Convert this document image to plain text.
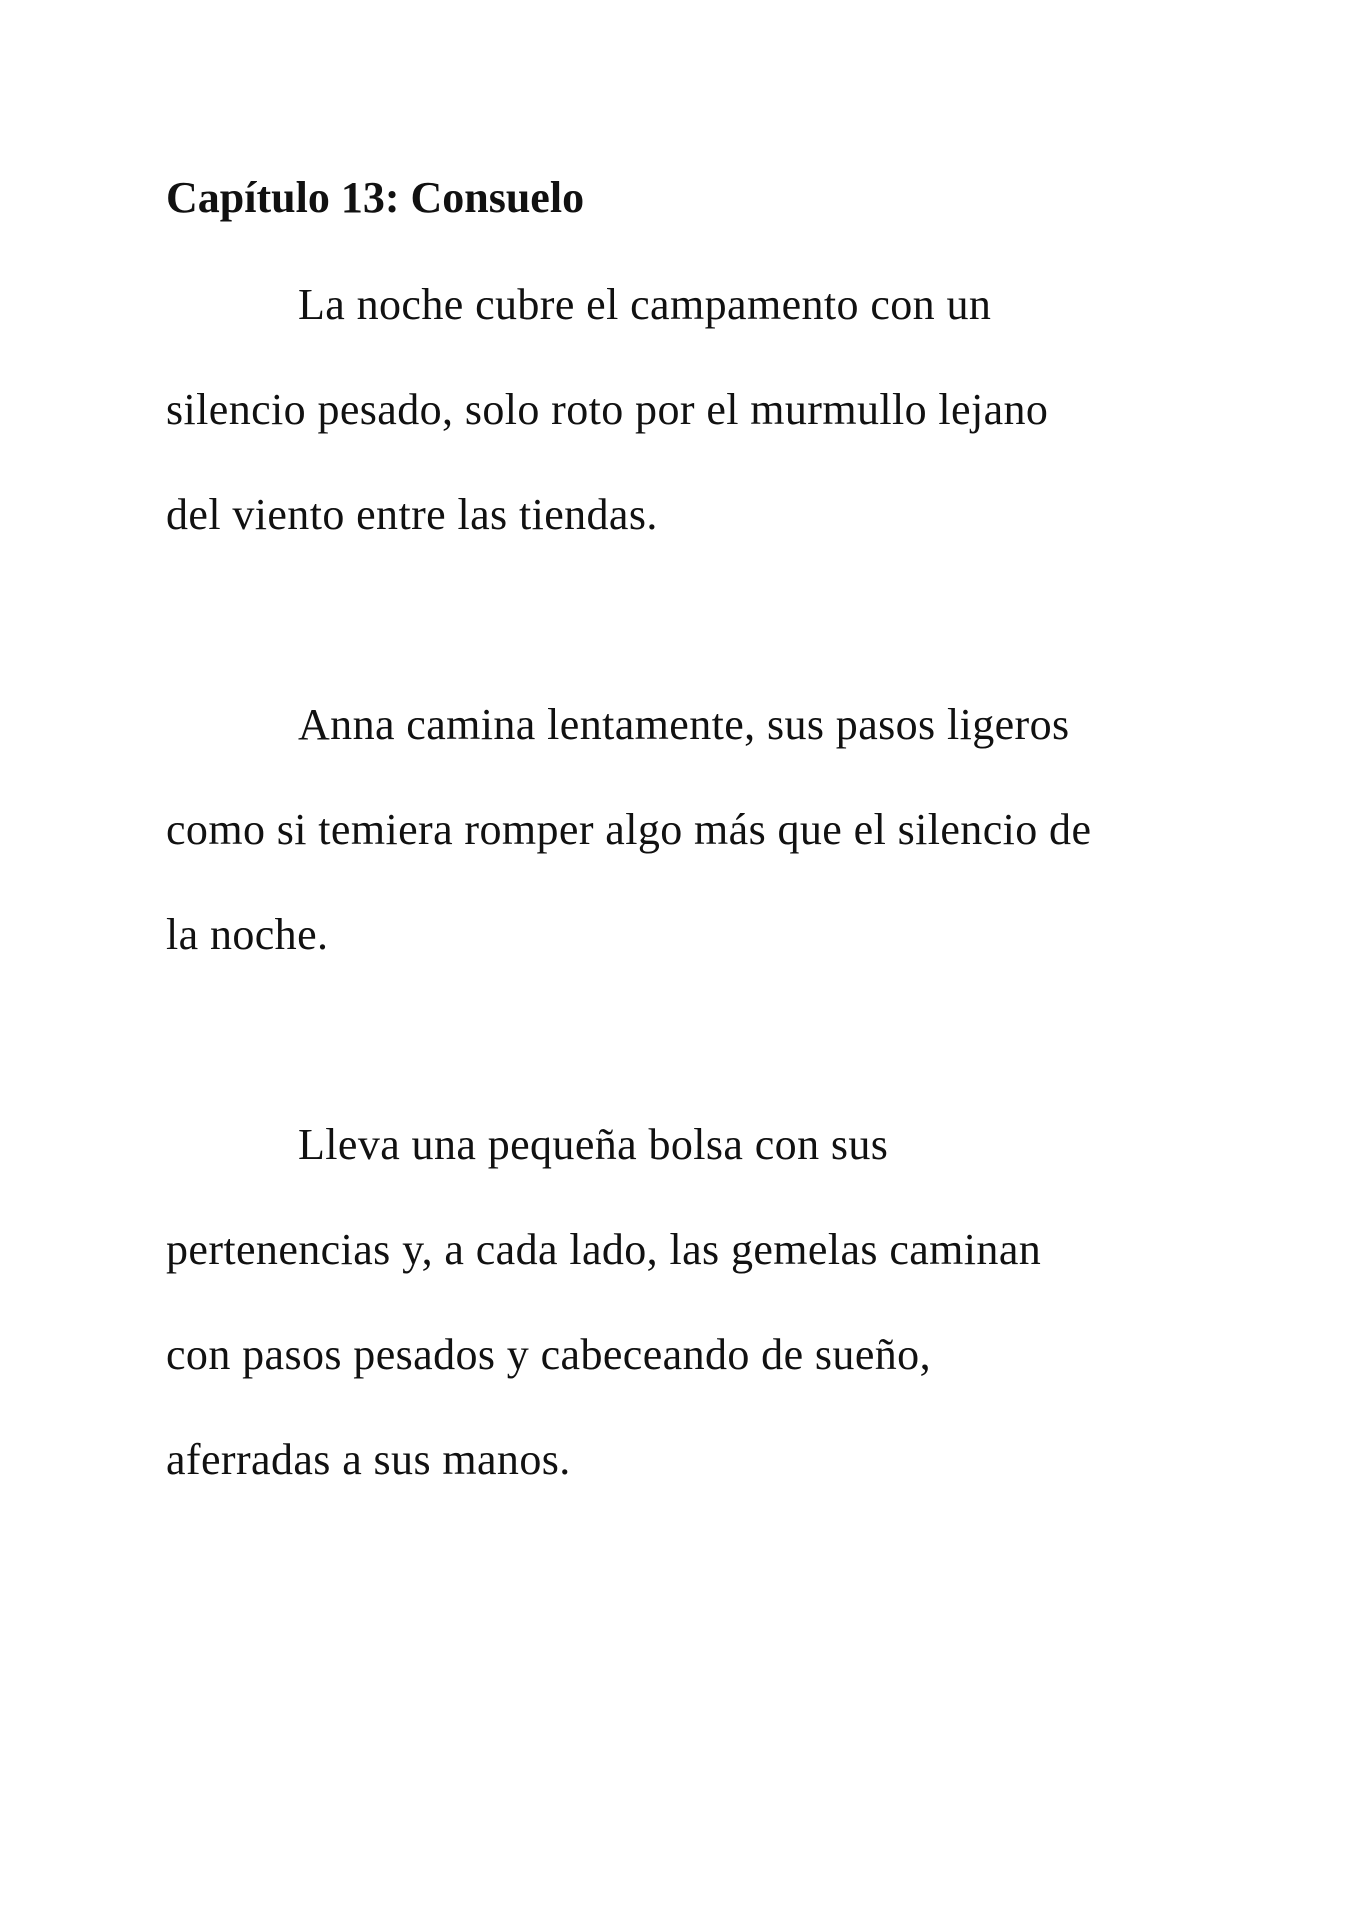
Capítulo 13: Consuelo

La noche cubre el campamento con un

silencio pesado, solo roto por el murmullo lejano

del viento entre las tiendas.

Anna camina lentamente, sus pasos ligeros

como si temiera romper algo más que el silencio de

la noche.

Lleva una pequeña bolsa con sus

pertenencias y, a cada lado, las gemelas caminan

con pasos pesados y cabeceando de sueño,

aferradas a sus manos.
